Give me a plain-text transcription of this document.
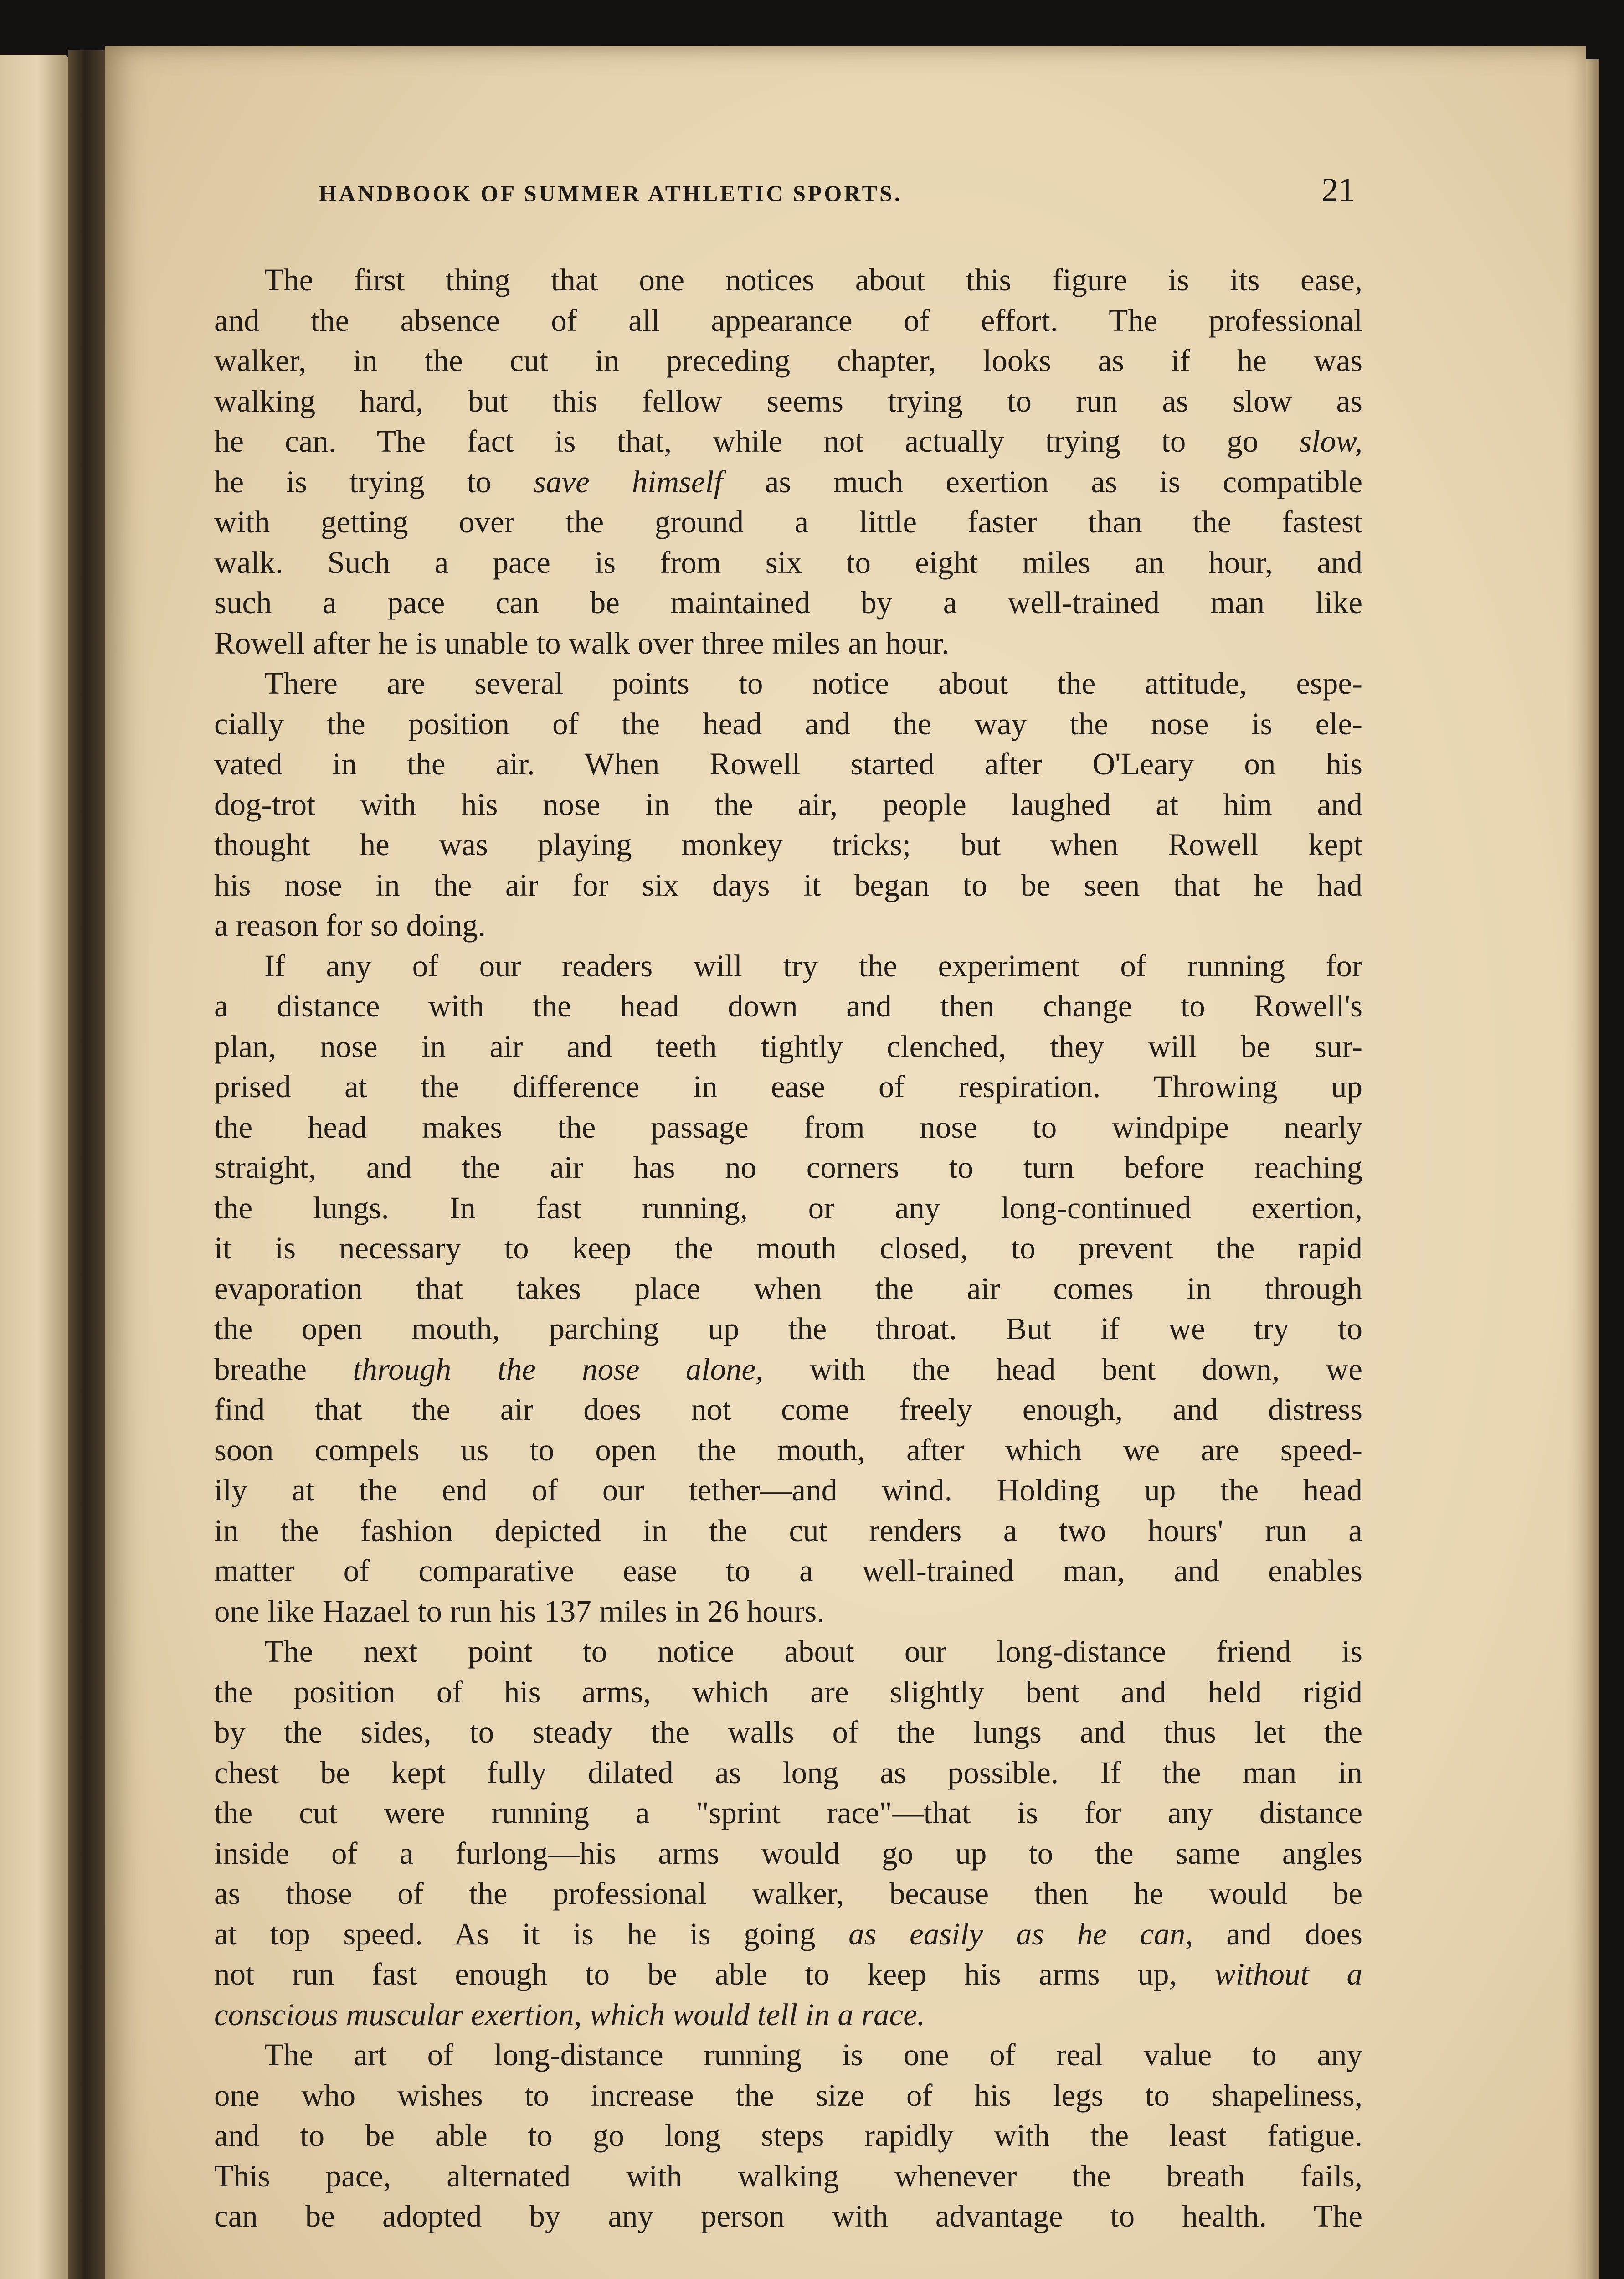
HANDBOOK OF SUMMER ATHLETIC SPORTS.	21
The first thing that one notices about this figure is its ease,
and the absence of all appearance of effort. The professional
walker, in the cut in preceding chapter, looks as if he was
walking hard, but this fellow seems trying to run as slow as
he can. The fact is that, while not actually trying to go slow,
he is trying to save himself as much exertion as is compatible
with getting over the ground a little faster than the fastest
walk. Such a pace is from six to eight miles an hour, and
such a pace can be maintained by a well-trained man like
Rowell after he is unable to walk over three miles an hour.
There are several points to notice about the attitude, espe-
cially the position of the head and the way the nose is ele-
vated in the air. When Rowell started after O'Leary on his
dog-trot with his nose in the air, people laughed at him and
thought he was playing monkey tricks; but when Rowell kept
his nose in the air for six days it began to be seen that he had
a reason for so doing.
If any of our readers will try the experiment of running for
a distance with the head down and then change to Rowell's
plan, nose in air and teeth tightly clenched, they will be sur-
prised at the difference in ease of respiration. Throwing up
the head makes the passage from nose to windpipe nearly
straight, and the air has no corners to turn before reaching
the lungs. In fast running, or any long-continued exertion,
it is necessary to keep the mouth closed, to prevent the rapid
evaporation that takes place when the air comes in through
the open mouth, parching up the throat. But if we try to
breathe through the nose alone, with the head bent down, we
find that the air does not come freely enough, and distress
soon compels us to open the mouth, after which we are speed-
ily at the end of our tether—and wind. Holding up the head
in the fashion depicted in the cut renders a two hours' run a
matter of comparative ease to a well-trained man, and enables
one like Hazael to run his 137 miles in 26 hours.
The next point to notice about our long-distance friend is
the position of his arms, which are slightly bent and held rigid
by the sides, to steady the walls of the lungs and thus let the
chest be kept fully dilated as long as possible. If the man in
the cut were running a "sprint race"—that is for any distance
inside of a furlong—his arms would go up to the same angles
as those of the professional walker, because then he would be
at top speed. As it is he is going as easily as he can, and does
not run fast enough to be able to keep his arms up, without a
conscious muscular exertion, which would tell in a race.
The art of long-distance running is one of real value to any
one who wishes to increase the size of his legs to shapeliness,
and to be able to go long steps rapidly with the least fatigue.
This pace, alternated with walking whenever the breath fails,
can be adopted by any person with advantage to health. The
